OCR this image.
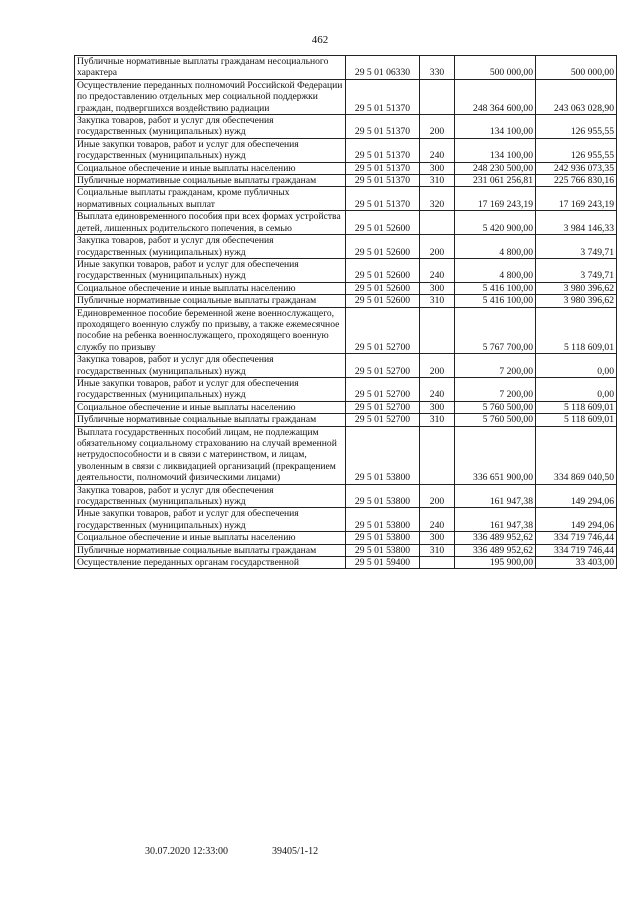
462
Публичные нормативные выплаты гражданам несоциального характера	29 5 01 06330	330	500 000,00	500 000,00
Осуществление переданных полномочий Российской Федерации по предоставлению отдельных мер социальной поддержки граждан, подвергшихся воздействию радиации	29 5 01 51370		248 364 600,00	243 063 028,90
Закупка товаров, работ и услуг для обеспечения государственных (муниципальных) нужд	29 5 01 51370	200	134 100,00	126 955,55
Иные закупки товаров, работ и услуг для обеспечения государственных (муниципальных) нужд	29 5 01 51370	240	134 100,00	126 955,55
Социальное обеспечение и иные выплаты населению	29 5 01 51370	300	248 230 500,00	242 936 073,35
Публичные нормативные социальные выплаты гражданам	29 5 01 51370	310	231 061 256,81	225 766 830,16
Социальные выплаты гражданам, кроме публичных нормативных социальных выплат	29 5 01 51370	320	17 169 243,19	17 169 243,19
Выплата единовременного пособия при всех формах устройства детей, лишенных родительского попечения, в семью	29 5 01 52600		5 420 900,00	3 984 146,33
Закупка товаров, работ и услуг для обеспечения государственных (муниципальных) нужд	29 5 01 52600	200	4 800,00	3 749,71
Иные закупки товаров, работ и услуг для обеспечения государственных (муниципальных) нужд	29 5 01 52600	240	4 800,00	3 749,71
Социальное обеспечение и иные выплаты населению	29 5 01 52600	300	5 416 100,00	3 980 396,62
Публичные нормативные социальные выплаты гражданам	29 5 01 52600	310	5 416 100,00	3 980 396,62
Единовременное пособие беременной жене военнослужащего, проходящего военную службу по призыву, а также ежемесячное пособие на ребенка военнослужащего, проходящего военную службу по призыву	29 5 01 52700		5 767 700,00	5 118 609,01
Закупка товаров, работ и услуг для обеспечения государственных (муниципальных) нужд	29 5 01 52700	200	7 200,00	0,00
Иные закупки товаров, работ и услуг для обеспечения государственных (муниципальных) нужд	29 5 01 52700	240	7 200,00	0,00
Социальное обеспечение и иные выплаты населению	29 5 01 52700	300	5 760 500,00	5 118 609,01
Публичные нормативные социальные выплаты гражданам	29 5 01 52700	310	5 760 500,00	5 118 609,01
Выплата государственных пособий лицам, не подлежащим обязательному социальному страхованию на случай временной нетрудоспособности и в связи с материнством, и лицам, уволенным в связи с ликвидацией организаций (прекращением деятельности, полномочий физическими лицами)	29 5 01 53800		336 651 900,00	334 869 040,50
Закупка товаров, работ и услуг для обеспечения государственных (муниципальных) нужд	29 5 01 53800	200	161 947,38	149 294,06
Иные закупки товаров, работ и услуг для обеспечения государственных (муниципальных) нужд	29 5 01 53800	240	161 947,38	149 294,06
Социальное обеспечение и иные выплаты населению	29 5 01 53800	300	336 489 952,62	334 719 746,44
Публичные нормативные социальные выплаты гражданам	29 5 01 53800	310	336 489 952,62	334 719 746,44
Осуществление переданных органам государственной	29 5 01 59400		195 900,00	33 403,00
30.07.2020 12:33:00	39405/1-12
